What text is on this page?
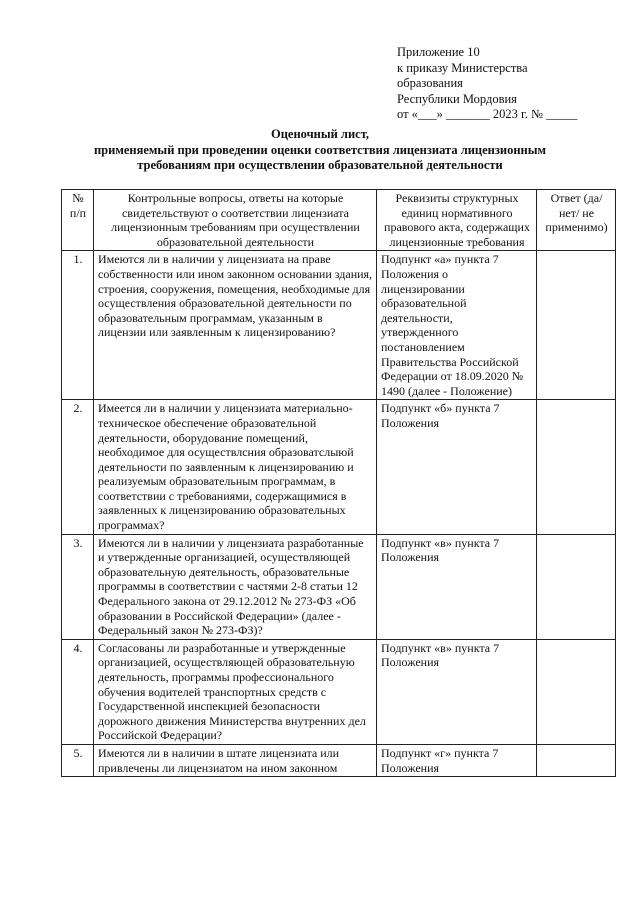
Приложение 10
к приказу Министерства
образования
Республики Мордовия
от «___» _______ 2023 г. № _____
Оценочный лист,
применяемый при проведении оценки соответствия лицензиата лицензионным
требованиям при осуществлении образовательной деятельности
№ п/п	Контрольные вопросы, ответы на которые свидетельствуют о соответствии лицензиата лицензионным требованиям при осуществлении образовательной деятельности	Реквизиты структурных единиц нормативного правового акта, содержащих лицензионные требования	Ответ (да/нет/ не применимо)
1.	Имеются ли в наличии у лицензиата на праве собственности или ином законном основании здания, строения, сооружения, помещения, необходимые для осуществления образовательной деятельности по образовательным программам, указанным в лицензии или заявленным к лицензированию?	Подпункт «а» пункта 7 Положения о лицензировании образовательной деятельности, утвержденного постановлением Правительства Российской Федерации от 18.09.2020 № 1490 (далее - Положение)	
2.	Имеется ли в наличии у лицензиата материально-техническое обеспечение образовательной деятельности, оборудование помещений, необходимое для осуществлсния образоватслыюй деятельности по заявленным к лицензированию и реализуемым образовательным программам, в соответствии с требованиями, содержащимися в заявленных к лицензированию образовательных программах?	Подпункт «б» пункта 7 Положения	
3.	Имеются ли в наличии у лицензиата разработанные и утвержденные организацией, осуществляющей образовательную деятельность, образовательные программы в соответствии с частями 2-8 статьи 12 Федерального закона от 29.12.2012 № 273-ФЗ «Об образовании в Российской Федерации» (далее - Федеральный закон № 273-ФЗ)?	Подпункт «в» пункта 7 Положения	
4.	Согласованы ли разработанные и утвержденные организацией, осуществляющей образовательную деятельность, программы профессионального обучения водителей транспортных средств с Государственной инспекцией безопасности дорожного движения Министерства внутренних дел Российской Федерации?	Подпункт «в» пункта 7 Положения	
5.	Имеются ли в наличии в штате лицензиата или привлечены ли лицензиатом на ином законном	Подпункт «г» пункта 7 Положения	
